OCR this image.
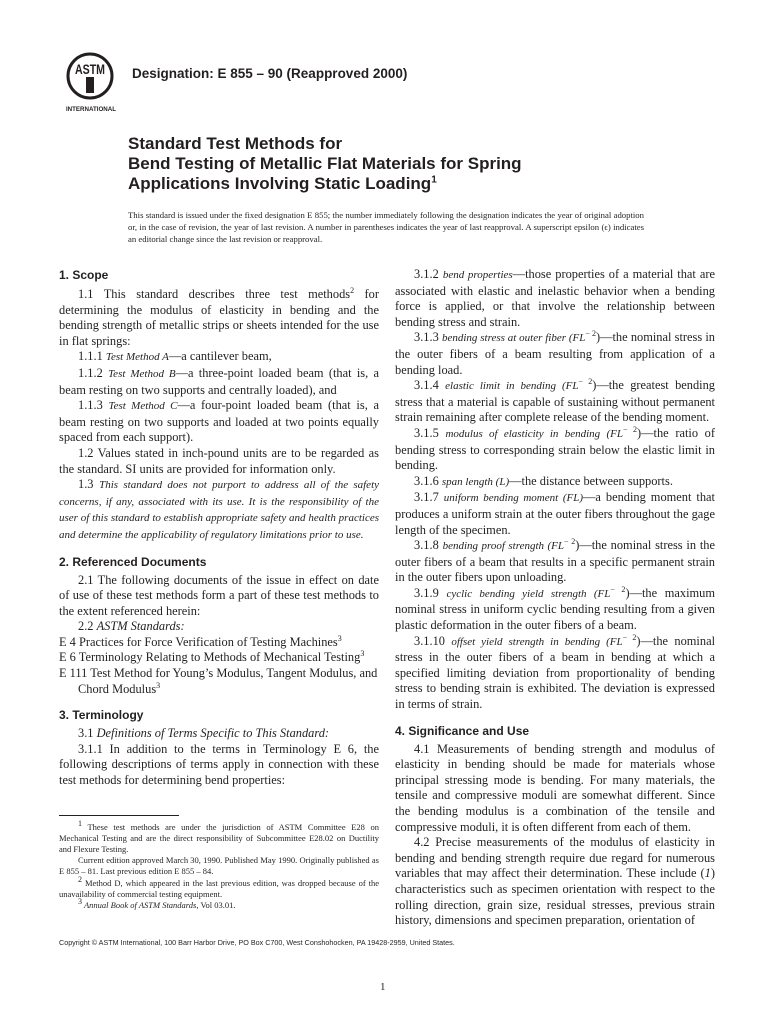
ASTM
INTERNATIONAL
Designation: E 855 – 90 (Reapproved 2000)
Standard Test Methods for
Bend Testing of Metallic Flat Materials for Spring
Applications Involving Static Loading$^1$
This standard is issued under the fixed designation E 855; the number immediately following the designation indicates the year of original adoption or, in the case of revision, the year of last revision. A number in parentheses indicates the year of last reapproval. A superscript epsilon (ϵ) indicates an editorial change since the last revision or reapproval.
1. Scope

1.1 This standard describes three test methods$^2$ for determining the modulus of elasticity in bending and the bending strength of metallic strips or sheets intended for the use in flat springs:

1.1.1 Test Method A—a cantilever beam,

1.1.2 Test Method B—a three-point loaded beam (that is, a beam resting on two supports and centrally loaded), and

1.1.3 Test Method C—a four-point loaded beam (that is, a beam resting on two supports and loaded at two points equally spaced from each support).

1.2 Values stated in inch-pound units are to be regarded as the standard. SI units are provided for information only.

1.3 This standard does not purport to address all of the safety concerns, if any, associated with its use. It is the responsibility of the user of this standard to establish appropriate safety and health practices and determine the applicability of regulatory limitations prior to use.

2. Referenced Documents

2.1 The following documents of the issue in effect on date of use of these test methods form a part of these test methods to the extent referenced herein:

2.2 ASTM Standards:

E 4 Practices for Force Verification of Testing Machines$^3$

E 6 Terminology Relating to Methods of Mechanical Testing$^3$

E 111 Test Method for Young’s Modulus, Tangent Modulus, and Chord Modulus$^3$

3. Terminology

3.1 Definitions of Terms Specific to This Standard:

3.1.1 In addition to the terms in Terminology E 6, the following descriptions of terms apply in connection with these test methods for determining bend properties:

$^1$ These test methods are under the jurisdiction of ASTM Committee E28 on Mechanical Testing and are the direct responsibility of Subcommittee E28.02 on Ductility and Flexure Testing.

Current edition approved March 30, 1990. Published May 1990. Originally published as E 855 – 81. Last previous edition E 855 – 84.

$^2$ Method D, which appeared in the last previous edition, was dropped because of the unavailability of commercial testing equipment.

$^3$ Annual Book of ASTM Standards, Vol 03.01.

3.1.2 bend properties—those properties of a material that are associated with elastic and inelastic behavior when a bending force is applied, or that involve the relationship between bending stress and strain.

3.1.3 bending stress at outer fiber $(FL^{- 2})—the$ nominal stress in the outer fibers of a beam resulting from application of a bending load.

3.1.4 elastic limit in bending $(FL^{- 2})—the$ greatest bending stress that a material is capable of sustaining without permanent strain remaining after complete release of the bending moment.

3.1.5 modulus of elasticity in bending $(FL^{- 2})—the$ ratio of bending stress to corresponding strain below the elastic limit in bending.

3.1.6 span length (L)—the distance between supports.

3.1.7 uniform bending moment (FL)—a bending moment that produces a uniform strain at the outer fibers throughout the gage length of the specimen.

3.1.8 bending proof strength $(FL^{- 2})—the$ nominal stress in the outer fibers of a beam that results in a specific permanent strain in the outer fibers upon unloading.

3.1.9 cyclic bending yield strength $(FL^{- 2})—the$ maximum nominal stress in uniform cyclic bending resulting from a given plastic deformation in the outer fibers of a beam.

3.1.10 offset yield strength in bending $(FL^{- 2})—the$ nominal stress in the outer fibers of a beam in bending at which a specified limiting deviation from proportionality of bending stress to bending strain is exhibited. The deviation is expressed in terms of strain.

4. Significance and Use

4.1 Measurements of bending strength and modulus of elasticity in bending should be made for materials whose principal stressing mode is bending. For many materials, the tensile and compressive moduli are somewhat different. Since the bending modulus is a combination of the tensile and compressive moduli, it is often different from each of them.

4.2 Precise measurements of the modulus of elasticity in bending and bending strength require due regard for numerous variables that may affect their determination. These include (1) characteristics such as specimen orientation with respect to the rolling direction, grain size, residual stresses, previous strain history, dimensions and specimen preparation, orientation of

Copyright © ASTM International, 100 Barr Harbor Drive, PO Box C700, West Conshohocken, PA 19428-2959, United States.
1
